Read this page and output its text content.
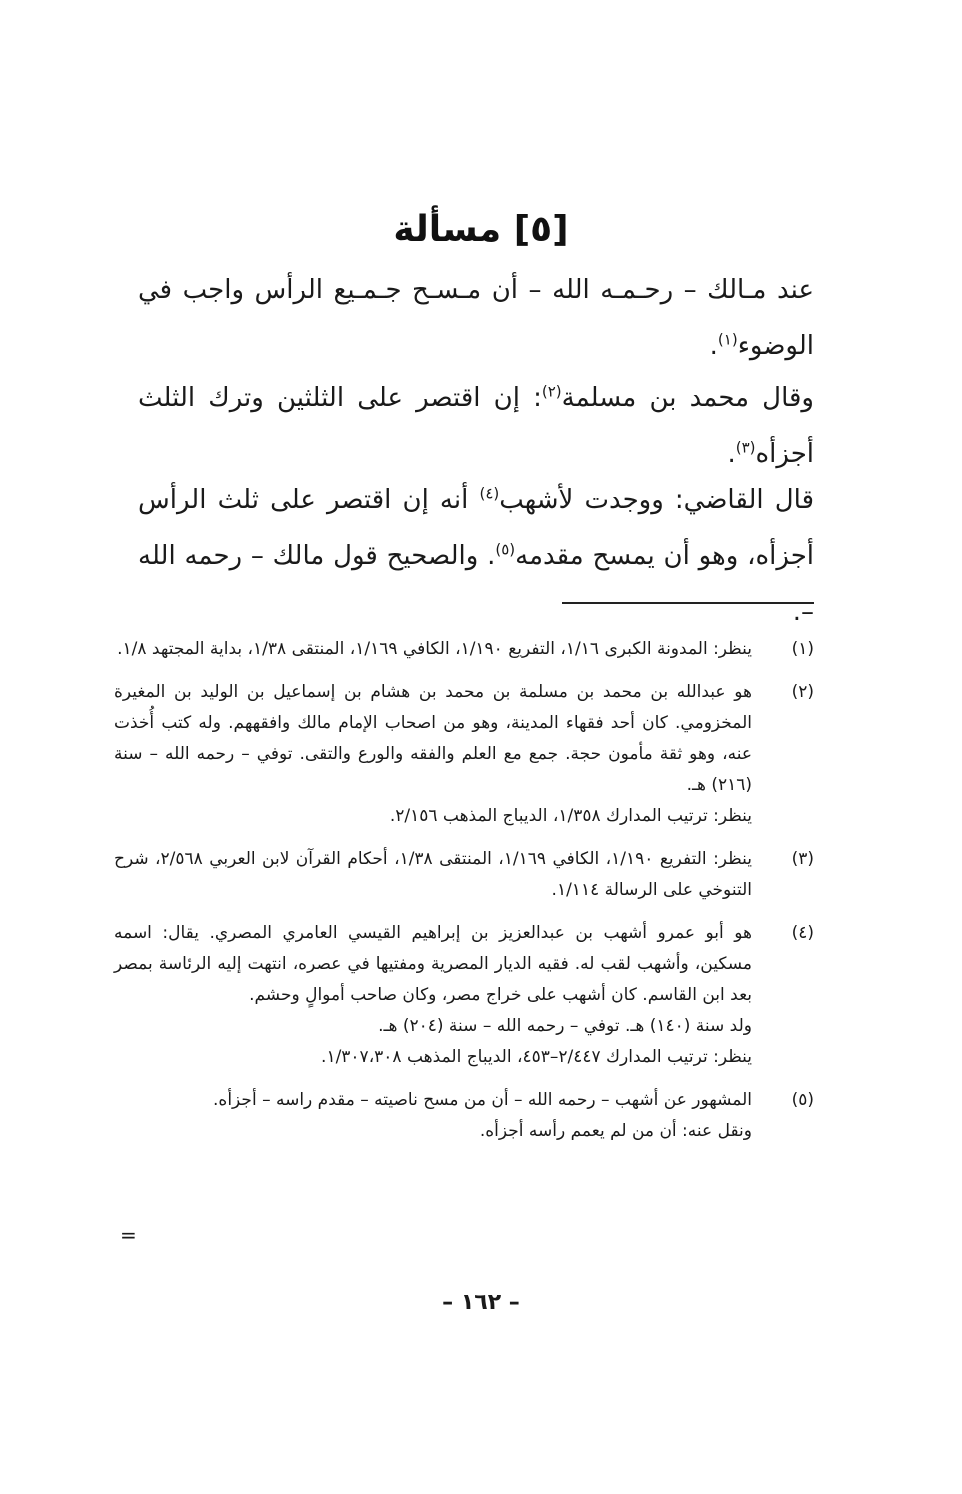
[٥] مسألة

عند مـالك – رحـمـه الله – أن مـسـح جـمـيع الرأس واجب في الوضوء$^{(١)}$.

وقال محمد بن مسلمة$^{(٢)}$: إن اقتصر على الثلثين وترك الثلث أجزأه$^{(٣)}$.

قال القاضي: ووجدت لأشهب$^{(٤)}$ أنه إن اقتصر على ثلث الرأس أجزأه، وهو أن يمسح مقدمه$^{(٥)}$. والصحيح قول مالك – رحمه الله –.

(١)
ينظر: المدونة الكبرى ١/١٦، التفريع ١/١٩٠، الكافي ١/١٦٩، المنتقى ١/٣٨، بداية المجتهد ١/٨.
(٢)
هو عبدالله بن محمد بن مسلمة بن محمد بن هشام بن إسماعيل بن الوليد بن المغيرة المخزومي. كان أحد فقهاء المدينة، وهو من اصحاب الإمام مالك وافقههم. وله كتب أُخذت عنه، وهو ثقة مأمون حجة. جمع مع العلم والفقه والورع والتقى. توفي – رحمه الله – سنة (٢١٦) هـ.
ينظر: ترتيب المدارك ١/٣٥٨، الديباج المذهب ٢/١٥٦.
(٣)
ينظر: التفريع ١/١٩٠، الكافي ١/١٦٩، المنتقى ١/٣٨، أحكام القرآن لابن العربي ٢/٥٦٨، شرح التنوخي على الرسالة ١/١١٤.
(٤)
هو أبو عمرو أشهب بن عبدالعزيز بن إبراهيم القيسي العامري المصري. يقال: اسمه مسكين، وأشهب لقب له. فقيه الديار المصرية ومفتيها في عصره، انتهت إليه الرئاسة بمصر بعد ابن القاسم. كان أشهب على خراج مصر، وكان صاحب أموالٍ وحشم.
ولد سنة (١٤٠) هـ. توفي – رحمه الله – سنة (٢٠٤) هـ.
ينظر: ترتيب المدارك ٢/٤٤٧–٤٥٣، الديباج المذهب ١/٣٠٧،٣٠٨.
(٥)
المشهور عن أشهب – رحمه الله – أن من مسح ناصيته – مقدم راسه – أجزأه.
ونقل عنه: أن من لم يعمم رأسه أجزأه.
=
– ١٦٢ –
